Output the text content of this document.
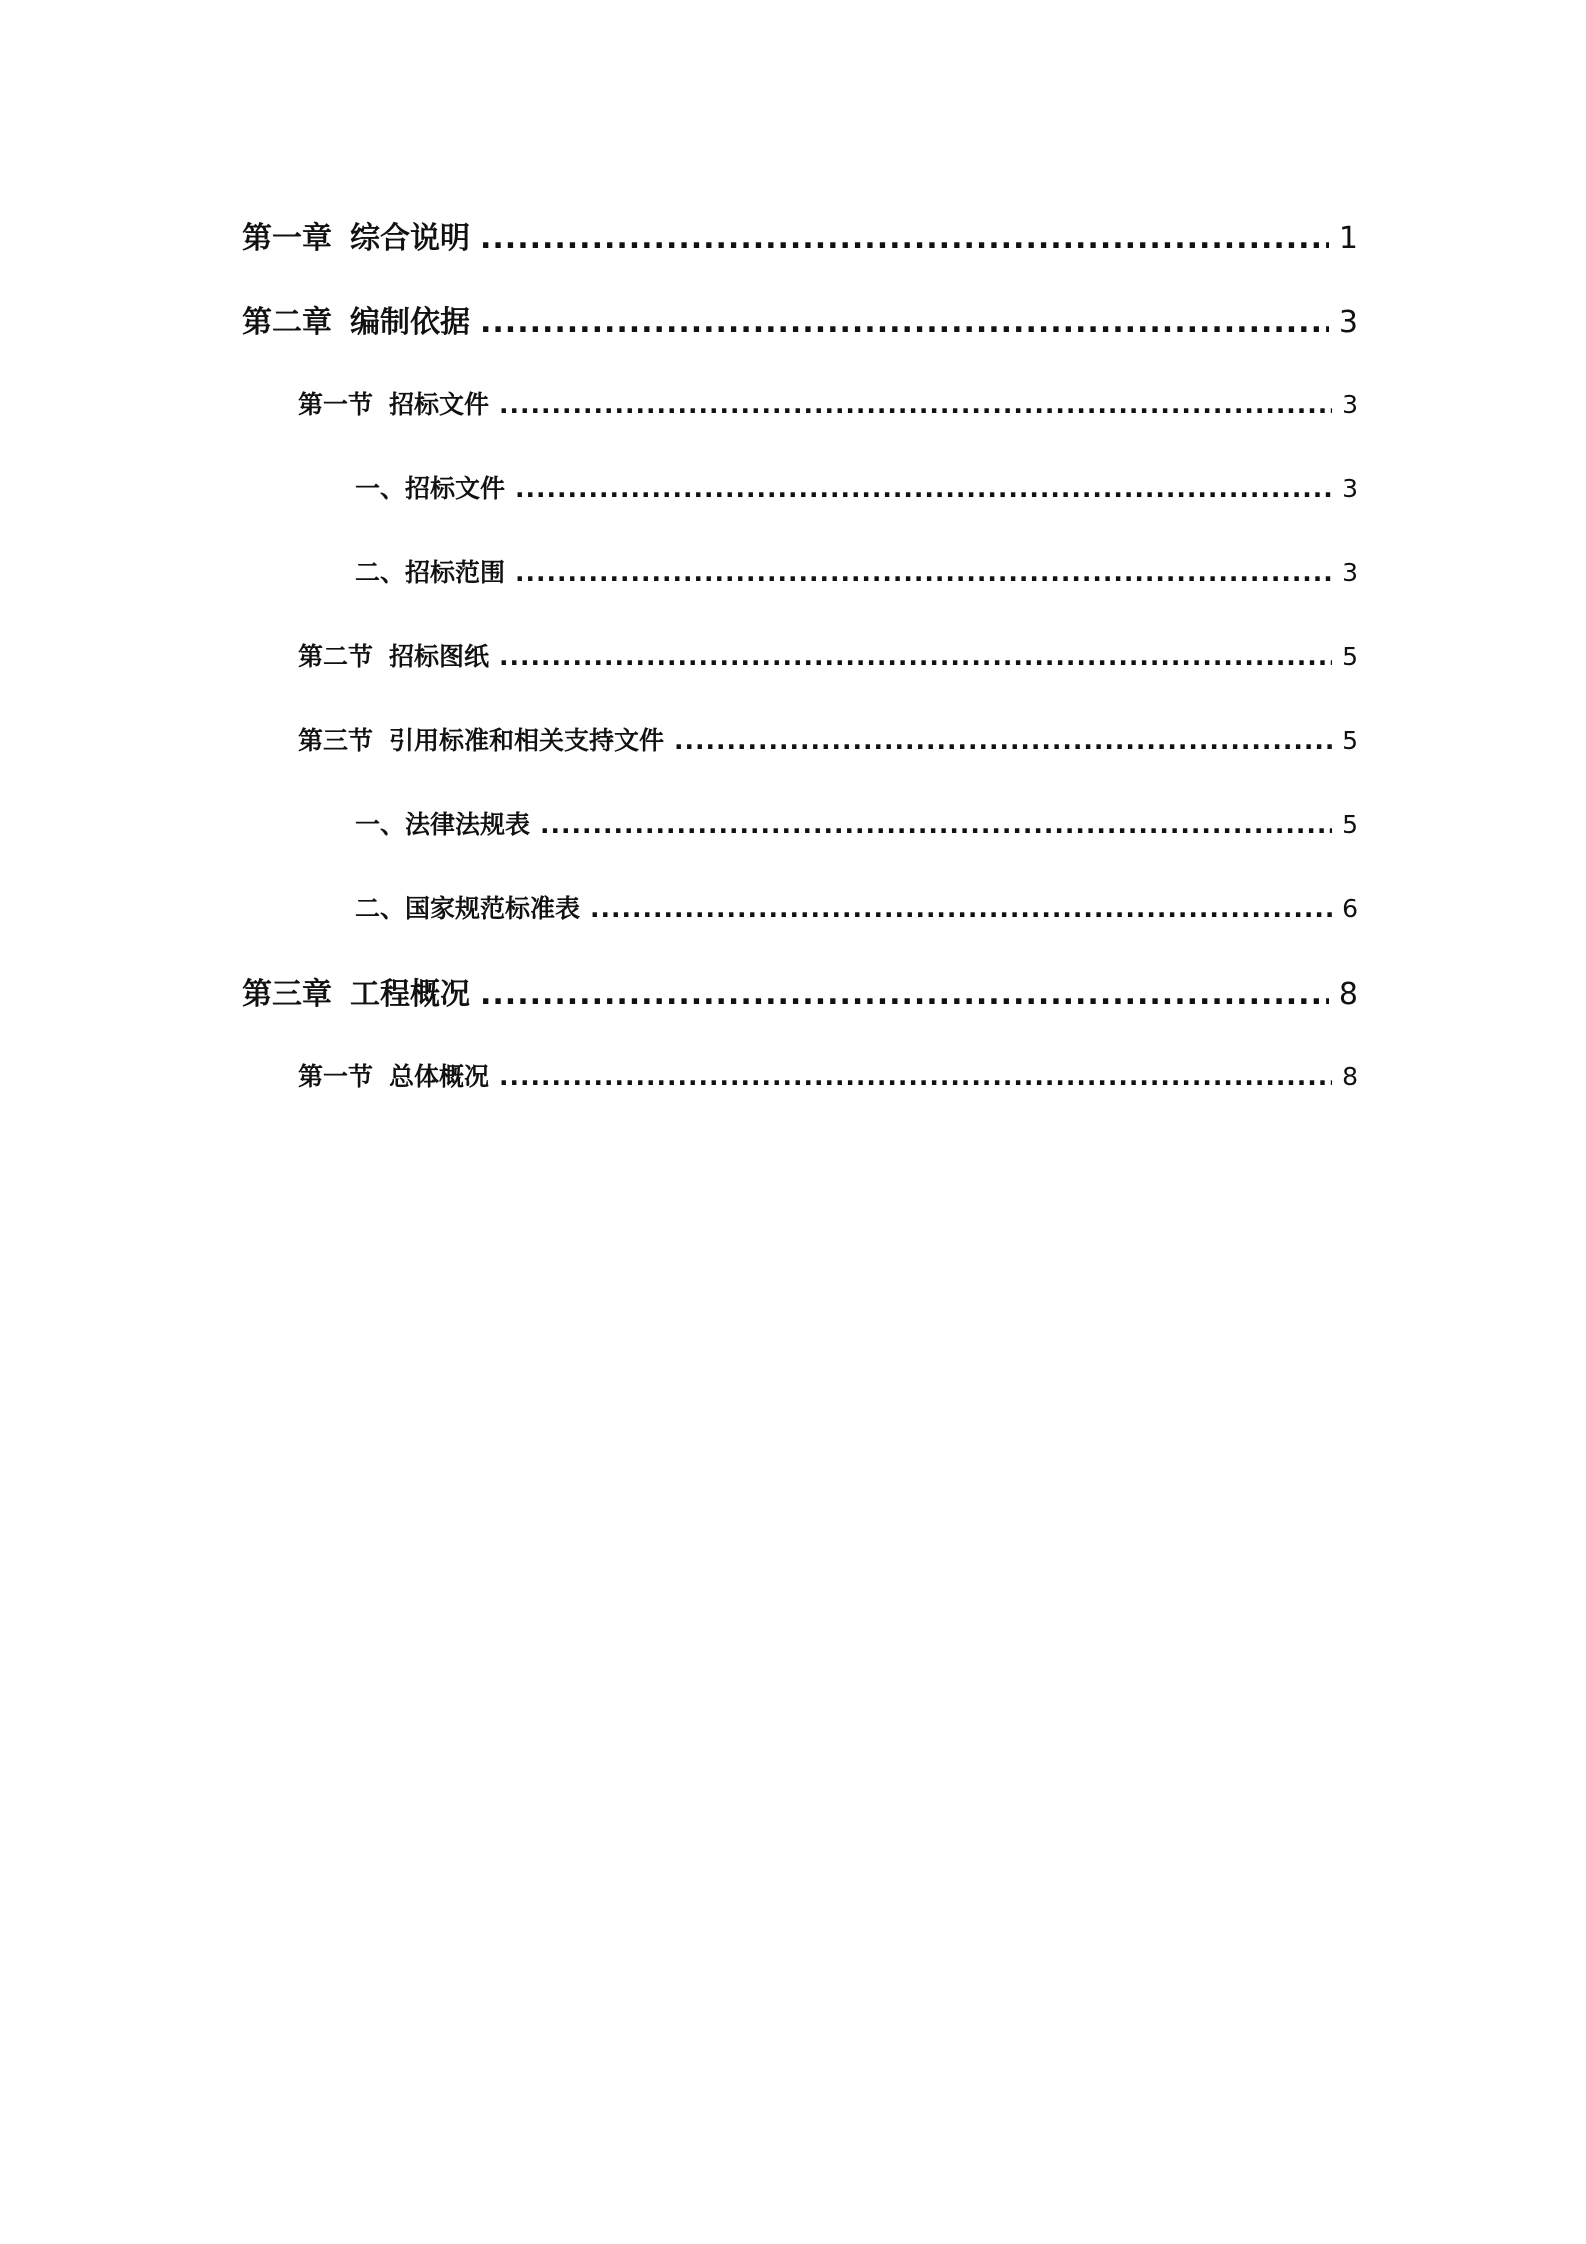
第一章 综合说明 .....	1
第二章 编制依据 .....	3
第一节 招标文件 .....	3
一、招标文件 .....	3
二、招标范围 .....	3
第二节 招标图纸 .....	5
第三节 引用标准和相关支持文件 .....	5
一、法律法规表 .....	5
二、国家规范标准表 .....	6
第三章 工程概况 .....	8
第一节 总体概况 .....	8
